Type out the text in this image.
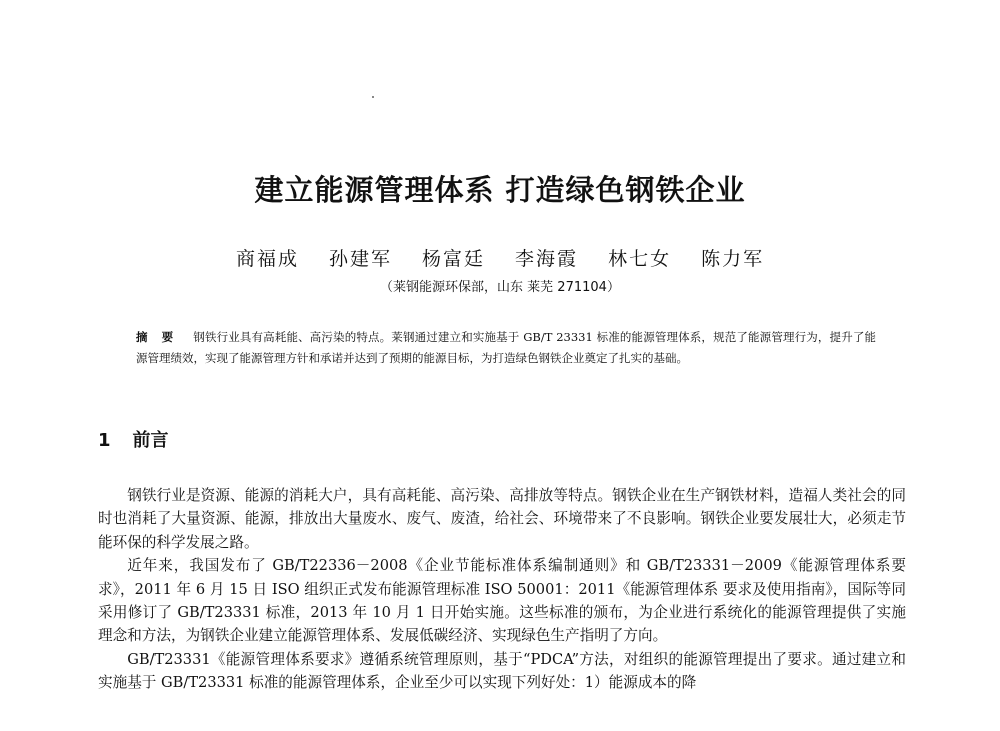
建立能源管理体系 打造绿色钢铁企业
商福成 孙建军 杨富廷 李海霞 林七女 陈力军
（莱钢能源环保部，山东 莱芜 271104）

摘要 钢铁行业具有高耗能、高污染的特点。莱钢通过建立和实施基于 GB/T 23331 标准的能源管理体系，规范了能源管理行为，提升了能源管理绩效，实现了能源管理方针和承诺并达到了预期的能源目标，为打造绿色钢铁企业奠定了扎实的基础。

1 前言

钢铁行业是资源、能源的消耗大户，具有高耗能、高污染、高排放等特点。钢铁企业在生产钢铁材料，造福人类社会的同时也消耗了大量资源、能源，排放出大量废水、废气、废渣，给社会、环境带来了不良影响。钢铁企业要发展壮大，必须走节能环保的科学发展之路。

近年来，我国发布了 GB/T22336－2008《企业节能标准体系编制通则》和 GB/T23331－2009《能源管理体系要求》，2011 年 6 月 15 日 ISO 组织正式发布能源管理标准 ISO 50001：2011《能源管理体系 要求及使用指南》，国际等同采用修订了 GB/T23331 标准，2013 年 10 月 1 日开始实施。这些标准的颁布，为企业进行系统化的能源管理提供了实施理念和方法，为钢铁企业建立能源管理体系、发展低碳经济、实现绿色生产指明了方向。

GB/T23331《能源管理体系要求》遵循系统管理原则，基于“PDCA”方法，对组织的能源管理提出了要求。通过建立和实施基于 GB/T23331 标准的能源管理体系，企业至少可以实现下列好处：1）能源成本的降
